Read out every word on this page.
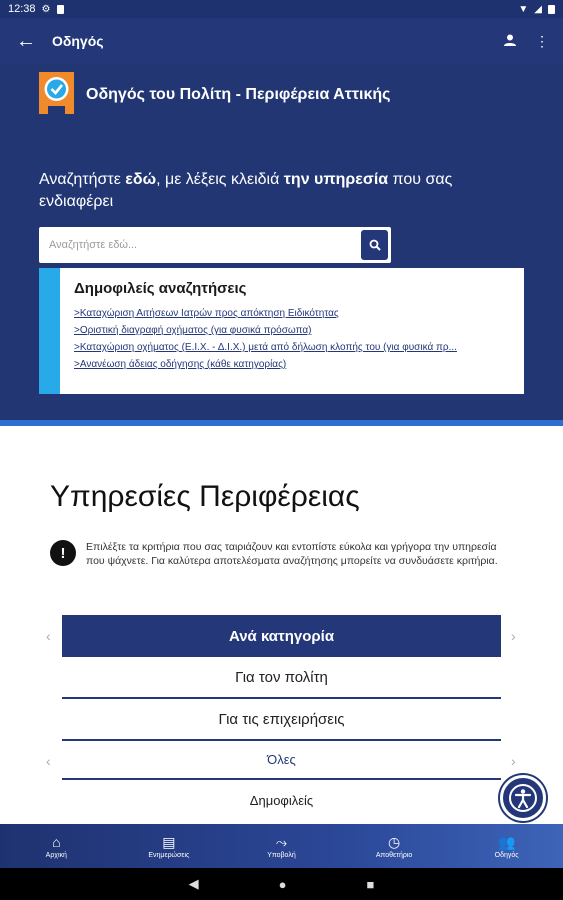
12:38 ⚙	▼ ◢
←	Οδηγός	⋮
Οδηγός του Πολίτη - Περιφέρεια Αττικής
Αναζητήστε εδώ, με λέξεις κλειδιά την υπηρεσία που σας ενδιαφέρει
Αναζητήστε εδώ...
Δημοφιλείς αναζητήσεις
>Καταχώριση Αιτήσεων Ιατρών προς απόκτηση Ειδικότητας
>Οριστική διαγραφή οχήματος (για φυσικά πρόσωπα)
>Καταχώριση οχήματος (Ε.Ι.Χ. - Δ.Ι.Χ.) μετά από δήλωση κλοπής του (για φυσικά πρ...
>Ανανέωση άδειας οδήγησης (κάθε κατηγορίας)
Υπηρεσίες Περιφέρειας
!	Επιλέξτε τα κριτήρια που σας ταιριάζουν και εντοπίστε εύκολα και γρήγορα την υπηρεσία που ψάχνετε. Για καλύτερα αποτελέσματα αναζήτησης μπορείτε να συνδυάσετε κριτήρια.

‹	›
Ανά κατηγορία
Για τον πολίτη
Για τις επιχειρήσεις
‹	›
Όλες
Δημοφιλείς
⌂
Αρχική
▤
Ενημερώσεις
⤳
Υποβολή
◷
Αποθετήριο
👥
Οδηγός
◀	●	■
